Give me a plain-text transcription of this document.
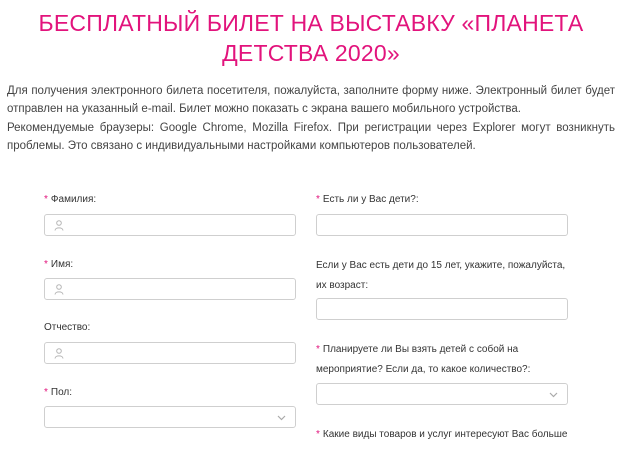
БЕСПЛАТНЫЙ БИЛЕТ НА ВЫСТАВКУ «ПЛАНЕТА
ДЕТСТВА 2020»

Для получения электронного билета посетителя, пожалуйста, заполните форму ниже. Электронный билет будет отправлен на указанный e-mail. Билет можно показать с экрана вашего мобильного устройства.

Рекомендуемые браузеры: Google Chrome, Mozilla Firefox. При регистрации через Explorer могут возникнуть проблемы. Это связано с индивидуальными настройками компьютеров пользователей.

* Фамилия:
* Имя:
Отчество:
* Пол:
* Есть ли у Вас дети?:
Если у Вас есть дети до 15 лет, укажите, пожалуйста,
их возраст:
* Планируете ли Вы взять детей с собой на
мероприятие? Если да, то какое количество?:
* Какие виды товаров и услуг интересуют Вас больше
